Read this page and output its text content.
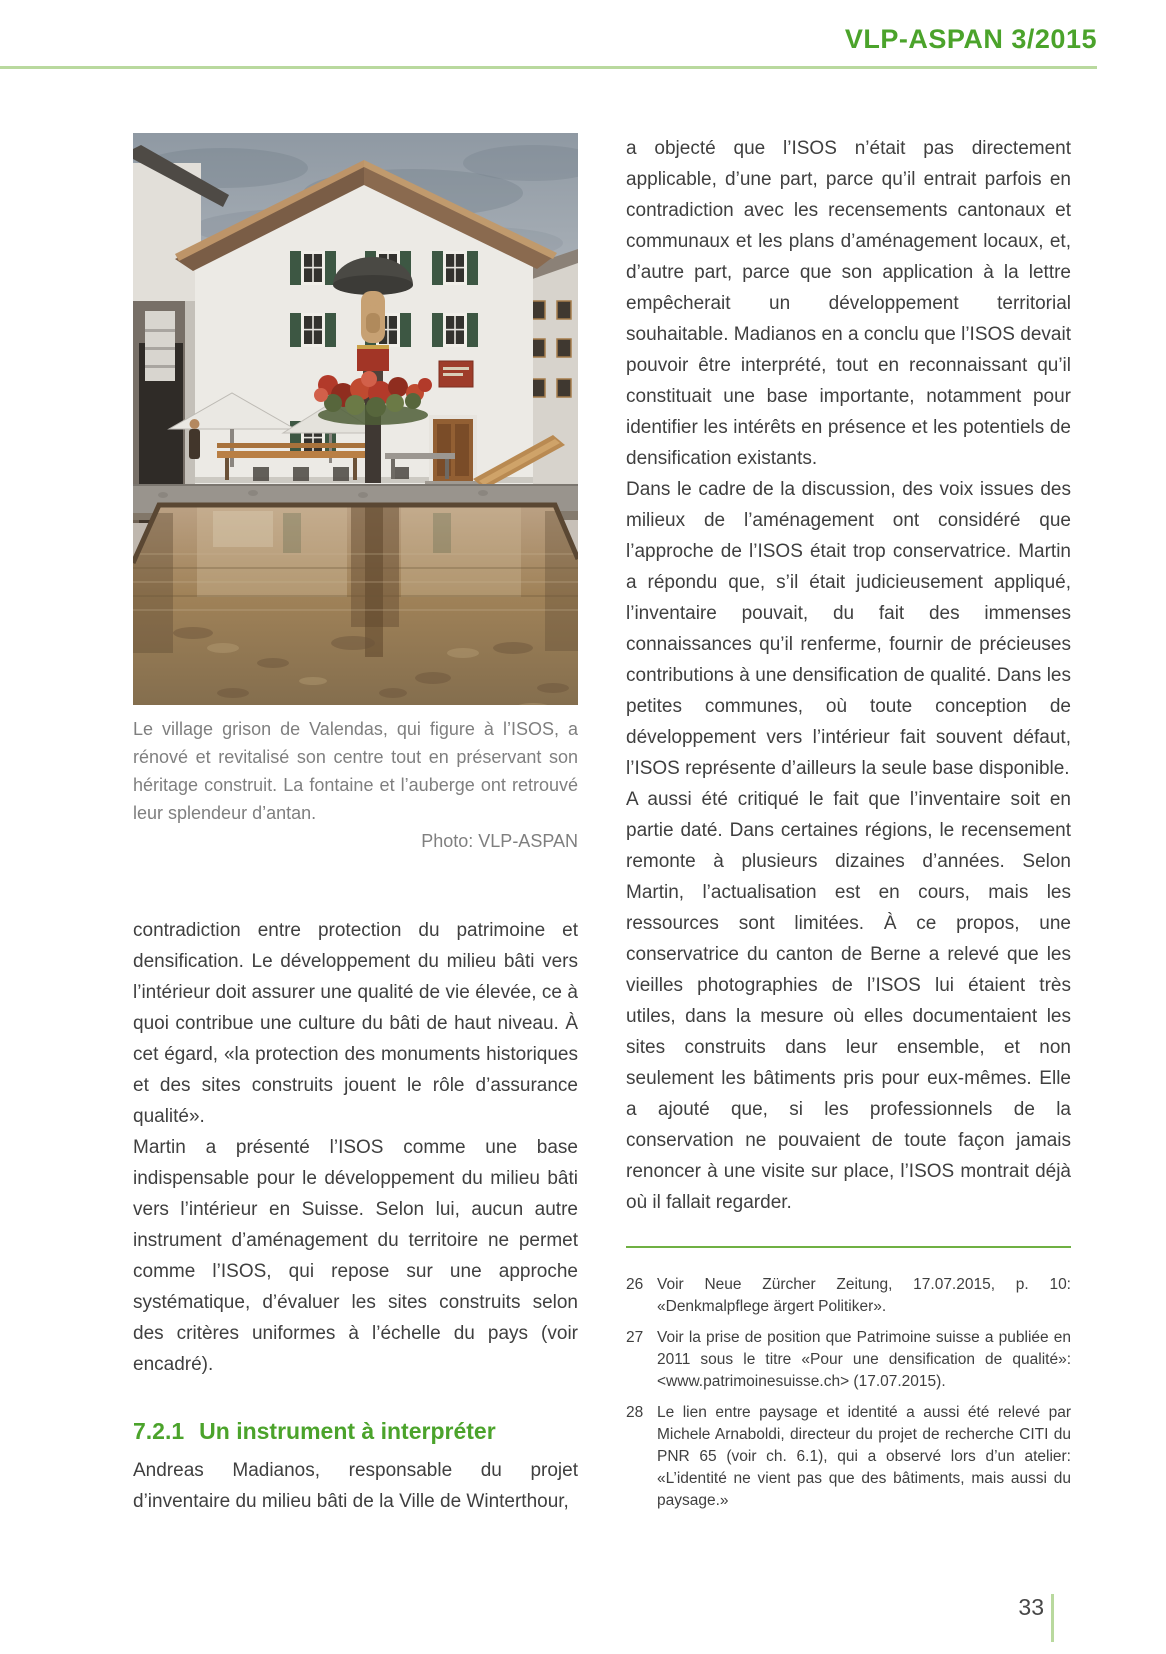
VLP-ASPAN 3/2015
Le village grison de Valendas, qui figure à l’ISOS, a rénové et revitalisé son centre tout en préservant son héritage construit. La fontaine et l’auberge ont retrouvé leur splendeur d’antan.
Photo: VLP-ASPAN

contradiction entre protection du patrimoine et densification. Le développement du milieu bâti vers l’intérieur doit assurer une qualité de vie élevée, ce à quoi contribue une culture du bâti de haut niveau. À cet égard, «la protection des monuments historiques et des sites construits jouent le rôle d’assurance qualité».

Martin a présenté l’ISOS comme une base indispensable pour le développement du milieu bâti vers l’intérieur en Suisse. Selon lui, aucun autre instrument d’aménagement du territoire ne permet comme l’ISOS, qui repose sur une approche systématique, d’évaluer les sites construits selon des critères uniformes à l’échelle du pays (voir encadré).

7.2.1 Un instrument à interpréter

Andreas Madianos, responsable du projet d’inventaire du milieu bâti de la Ville de Winterthour,

a objecté que l’ISOS n’était pas directement applicable, d’une part, parce qu’il entrait parfois en contradiction avec les recensements cantonaux et communaux et les plans d’aménagement locaux, et, d’autre part, parce que son application à la lettre empêcherait un développement territorial souhaitable. Madianos en a conclu que l’ISOS devait pouvoir être interprété, tout en reconnaissant qu’il constituait une base importante, notamment pour identifier les intérêts en présence et les potentiels de densification existants.

Dans le cadre de la discussion, des voix issues des milieux de l’aménagement ont considéré que l’approche de l’ISOS était trop conservatrice. Martin a répondu que, s’il était judicieusement appliqué, l’inventaire pouvait, du fait des immenses connaissances qu’il renferme, fournir de précieuses contributions à une densification de qualité. Dans les petites communes, où toute conception de développement vers l’intérieur fait souvent défaut, l’ISOS représente d’ailleurs la seule base disponible.

A aussi été critiqué le fait que l’inventaire soit en partie daté. Dans certaines régions, le recensement remonte à plusieurs dizaines d’années. Selon Martin, l’actualisation est en cours, mais les ressources sont limitées. À ce propos, une conservatrice du canton de Berne a relevé que les vieilles photographies de l’ISOS lui étaient très utiles, dans la mesure où elles documentaient les sites construits dans leur ensemble, et non seulement les bâtiments pris pour eux-mêmes. Elle a ajouté que, si les professionnels de la conservation ne pouvaient de toute façon jamais renoncer à une visite sur place, l’ISOS montrait déjà où il fallait regarder.

26 Voir Neue Zürcher Zeitung, 17.07.2015, p. 10: «Denkmalpflege ärgert Politiker».
27 Voir la prise de position que Patrimoine suisse a publiée en 2011 sous le titre «Pour une densification de qualité»: <www.patrimoinesuisse.ch> (17.07.2015).
28 Le lien entre paysage et identité a aussi été relevé par Michele Arnaboldi, directeur du projet de recherche CITI du PNR 65 (voir ch. 6.1), qui a observé lors d’un atelier: «L’identité ne vient pas que des bâtiments, mais aussi du paysage.»
33
